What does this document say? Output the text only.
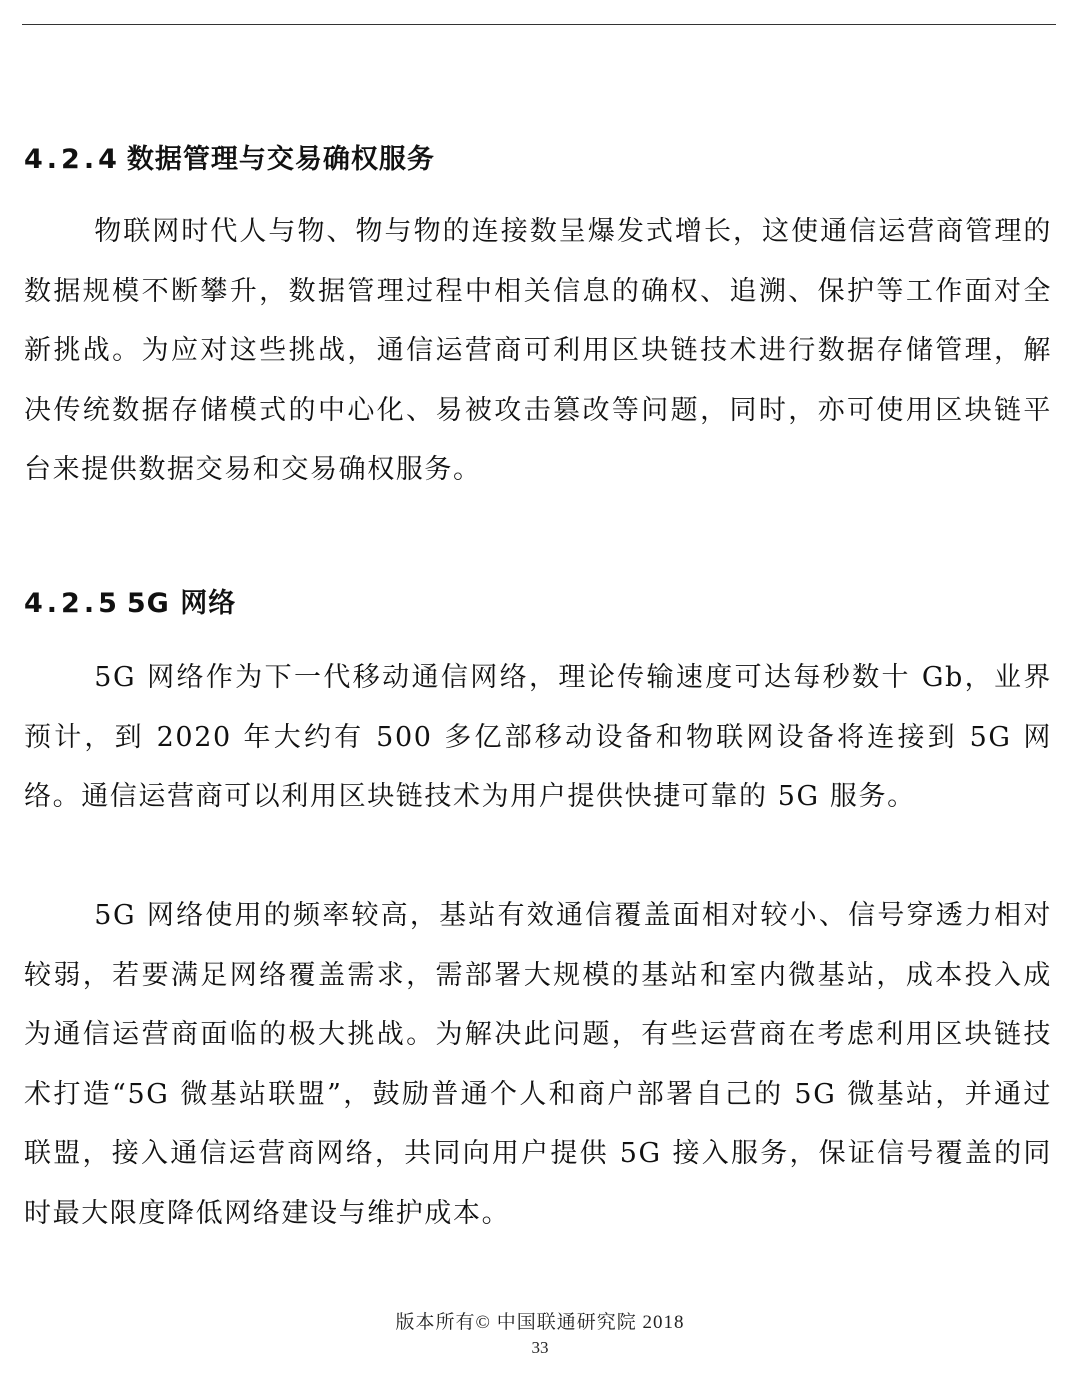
4.2.4 数据管理与交易确权服务

物联网时代人与物、物与物的连接数呈爆发式增长，这使通信运营商管理的数据规模不断攀升，数据管理过程中相关信息的确权、追溯、保护等工作面对全新挑战。为应对这些挑战，通信运营商可利用区块链技术进行数据存储管理，解决传统数据存储模式的中心化、易被攻击篡改等问题，同时，亦可使用区块链平台来提供数据交易和交易确权服务。

4.2.5 5G 网络

5G 网络作为下一代移动通信网络，理论传输速度可达每秒数十 Gb，业界预计，到 2020 年大约有 500 多亿部移动设备和物联网设备将连接到 5G 网络。通信运营商可以利用区块链技术为用户提供快捷可靠的 5G 服务。

5G 网络使用的频率较高，基站有效通信覆盖面相对较小、信号穿透力相对较弱，若要满足网络覆盖需求，需部署大规模的基站和室内微基站，成本投入成为通信运营商面临的极大挑战。为解决此问题，有些运营商在考虑利用区块链技术打造“5G 微基站联盟”，鼓励普通个人和商户部署自己的 5G 微基站，并通过联盟，接入通信运营商网络，共同向用户提供 5G 接入服务，保证信号覆盖的同时最大限度降低网络建设与维护成本。

版本所有© 中国联通研究院 2018
33
